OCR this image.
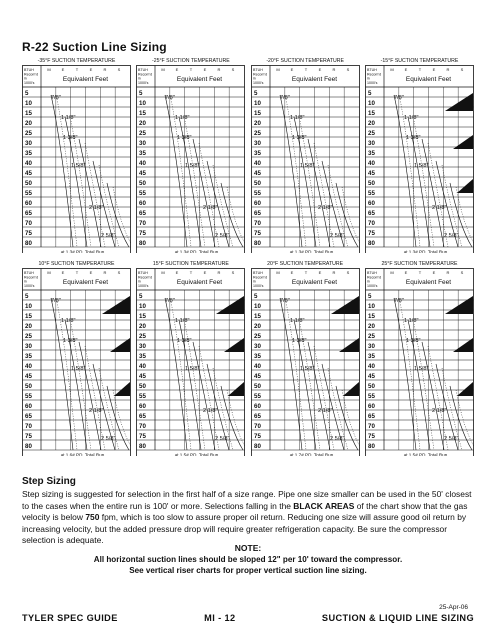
R-22 Suction Line Sizing
-35°F SUCTION TEMPERATURE
BTUH
Recom'd
in
1000's
M	E	T	E	R	S
Equivalent Feet
5
10
15
20
25
30
35
40
45
50
55
60
65
70
75
80
7/8"
1 1/8"
1 3/8"
1 5/8"
2 1/8"
2 5/8"
at 1.3# PD. Total Run
-25°F SUCTION TEMPERATURE
BTUH
Recom'd
in
1000's
M	E	T	E	R	S
Equivalent Feet
5
10
15
20
25
30
35
40
45
50
55
60
65
70
75
80
7/8"
1 1/8"
1 3/8"
1 5/8"
2 1/8"
2 5/8"
at 1.3# PD. Total Run
-20°F SUCTION TEMPERATURE
BTUH
Recom'd
in
1000's
M	E	T	E	R	S
Equivalent Feet
5
10
15
20
25
30
35
40
45
50
55
60
65
70
75
80
7/8"
1 1/8"
1 3/8"
1 5/8"
2 1/8"
2 5/8"
at 1.3# PD. Total Run
-15°F SUCTION TEMPERATURE
BTUH
Recom'd
in
1000's
M	E	T	E	R	S
Equivalent Feet
5
10
15
20
25
30
35
40
45
50
55
60
65
70
75
80
7/8"
1 1/8"
1 3/8"
1 5/8"
2 1/8"
2 5/8"
at 1.3# PD. Total Run
10°F SUCTION TEMPERATURE
BTUH
Recom'd
in
1000's
M	E	T	E	R	S
Equivalent Feet
5
10
15
20
25
30
35
40
45
50
55
60
65
70
75
80
7/8"
1 1/8"
1 3/8"
1 5/8"
2 1/8"
2 5/8"
at 1.6# PD. Total Run
15°F SUCTION TEMPERATURE
BTUH
Recom'd
in
1000's
M	E	T	E	R	S
Equivalent Feet
5
10
15
20
25
30
35
40
45
50
55
60
65
70
75
80
7/8"
1 1/8"
1 3/8"
1 5/8"
2 1/8"
2 5/8"
at 1.5# PD. Total Run
20°F SUCTION TEMPERATURE
BTUH
Recom'd
in
1000's
M	E	T	E	R	S
Equivalent Feet
5
10
15
20
25
30
35
40
45
50
55
60
65
70
75
80
7/8"
1 1/8"
1 3/8"
1 5/8"
2 1/8"
2 5/8"
at 1.7# PD. Total Run
25°F SUCTION TEMPERATURE
BTUH
Recom'd
in
1000's
M	E	T	E	R	S
Equivalent Feet
5
10
15
20
25
30
35
40
45
50
55
60
65
70
75
80
7/8"
1 1/8"
1 3/8"
1 5/8"
2 1/8"
2 5/8"
at 1.5# PD. Total Run
Step Sizing

Step sizing is suggested for selection in the first half of a size range. Pipe one size smaller can be used in the 50' closest to the cases when the entire run is 100' or more. Selections falling in the BLACK AREAS of the chart show that the gas velocity is below 750 fpm, which is too slow to assure proper oil return. Reducing one size will assure good oil return by increasing velocity, but the added pressure drop will require greater refrigeration capacity. Be sure the compressor selection is adequate.

NOTE:
All horizontal suction lines should be sloped 12" per 10' toward the compressor.
See vertical riser charts for proper vertical suction line sizing.
25-Apr-06
TYLER SPEC GUIDE	MI - 12	SUCTION & LIQUID LINE SIZING
